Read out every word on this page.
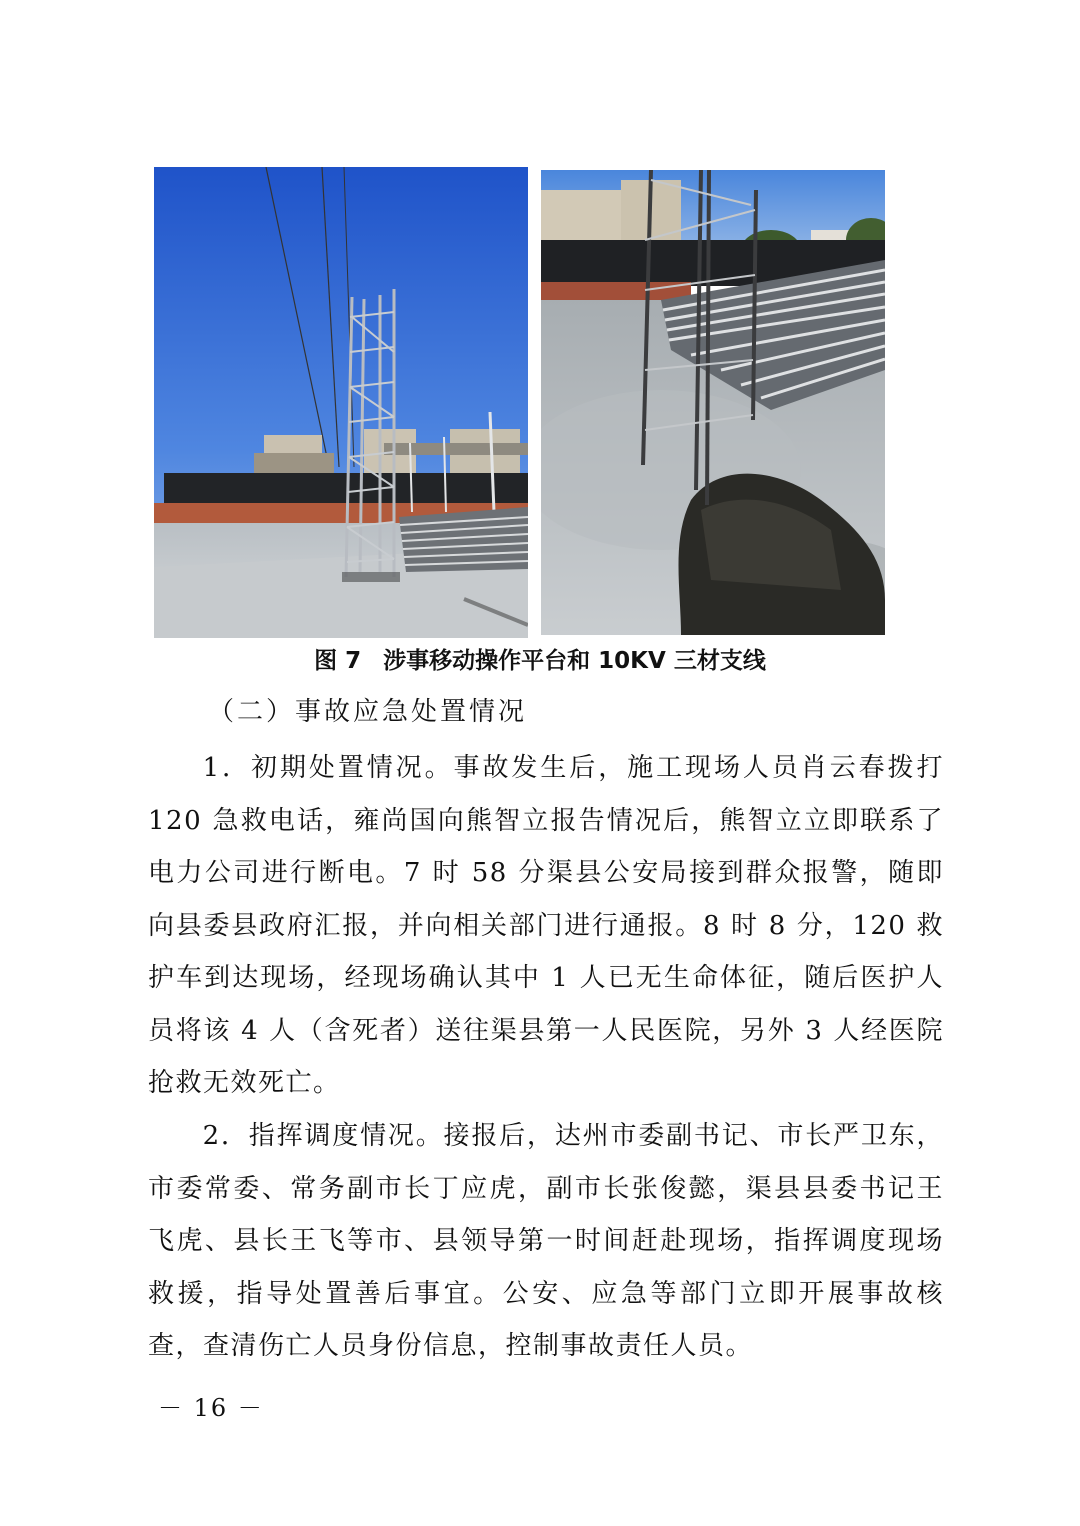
图 7 涉事移动操作平台和 10KV 三材支线
（二）事故应急处置情况

1．初期处置情况。事故发生后，施工现场人员肖云春拨打 120 急救电话，雍尚国向熊智立报告情况后，熊智立立即联系了电力公司进行断电。7 时 58 分渠县公安局接到群众报警，随即向县委县政府汇报，并向相关部门进行通报。8 时 8 分，120 救护车到达现场，经现场确认其中 1 人已无生命体征，随后医护人员将该 4 人（含死者）送往渠县第一人民医院，另外 3 人经医院抢救无效死亡。

2．指挥调度情况。接报后，达州市委副书记、市长严卫东，市委常委、常务副市长丁应虎，副市长张俊懿，渠县县委书记王飞虎、县长王飞等市、县领导第一时间赶赴现场，指挥调度现场救援，指导处置善后事宜。公安、应急等部门立即开展事故核查，查清伤亡人员身份信息，控制事故责任人员。

－ 16 －
